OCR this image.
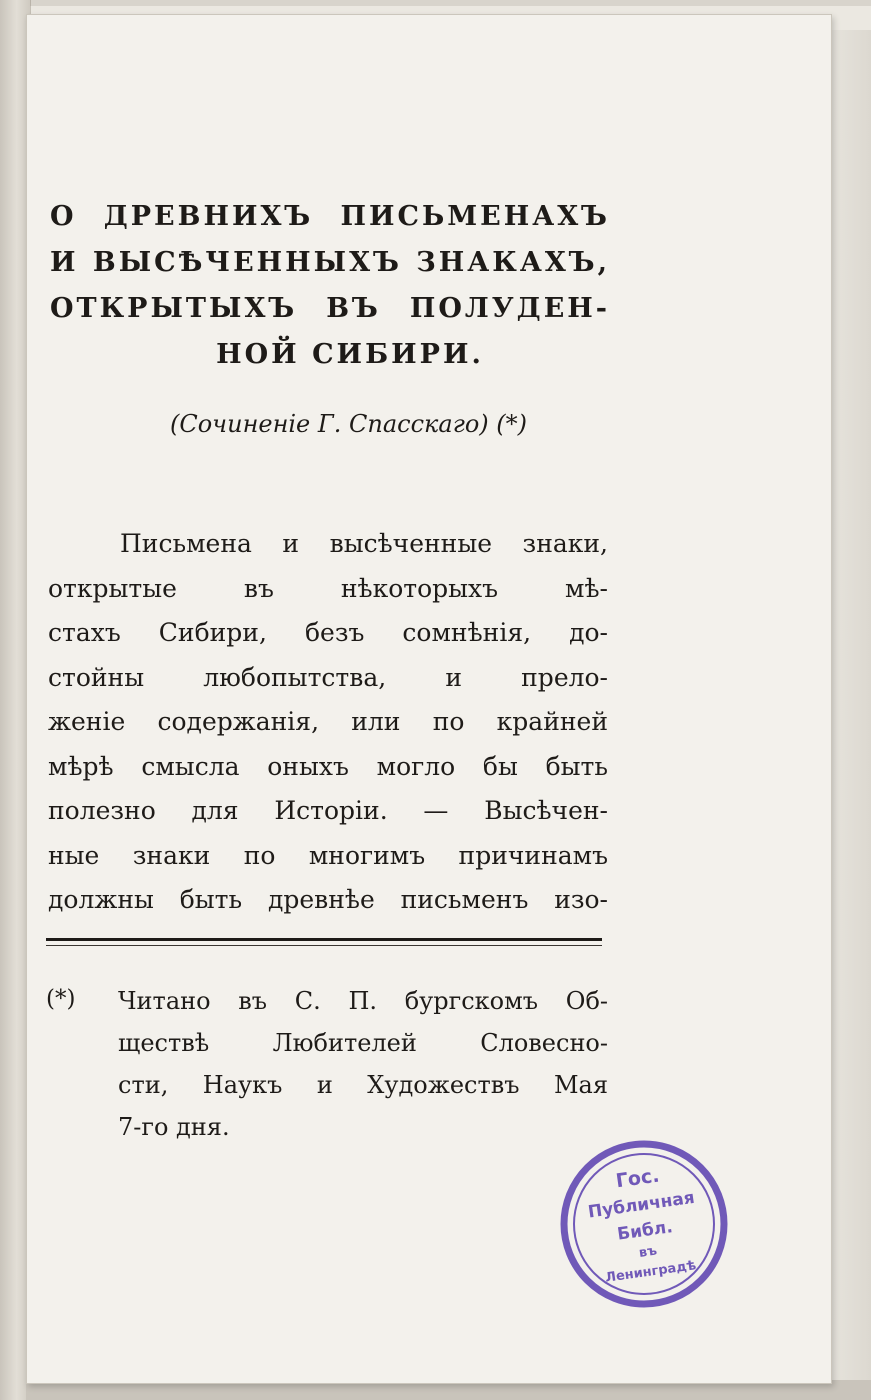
О ДРЕВНИХЪ ПИСЬМЕНАХЪ
И ВЫСѢЧЕННЫХЪ ЗНАКАХЪ,
ОТКРЫТЫХЪ ВЪ ПОЛУДЕН-
НОЙ СИБИРИ.
(Сочиненіе Г. Спасскаго) (*)
Письмена и высѣченные знаки,
открытые въ нѣкоторыхъ мѣ-
стахъ Сибири, безъ сомнѣнія, до-
стойны любопытства, и прело-
женіе содержанія, или по крайней
мѣрѣ смысла оныхъ могло бы быть
полезно для Исторіи. — Высѣчен-
ные знаки по многимъ причинамъ
должны быть древнѣе письменъ изо-
(*) Читано въ С. П. бургскомъ Об-
ществѣ Любителей Словесно-
сти, Наукъ и Художествъ Мая
7-го дня.
Гос.
Публичная
Библ.
въ
Ленинградѣ
